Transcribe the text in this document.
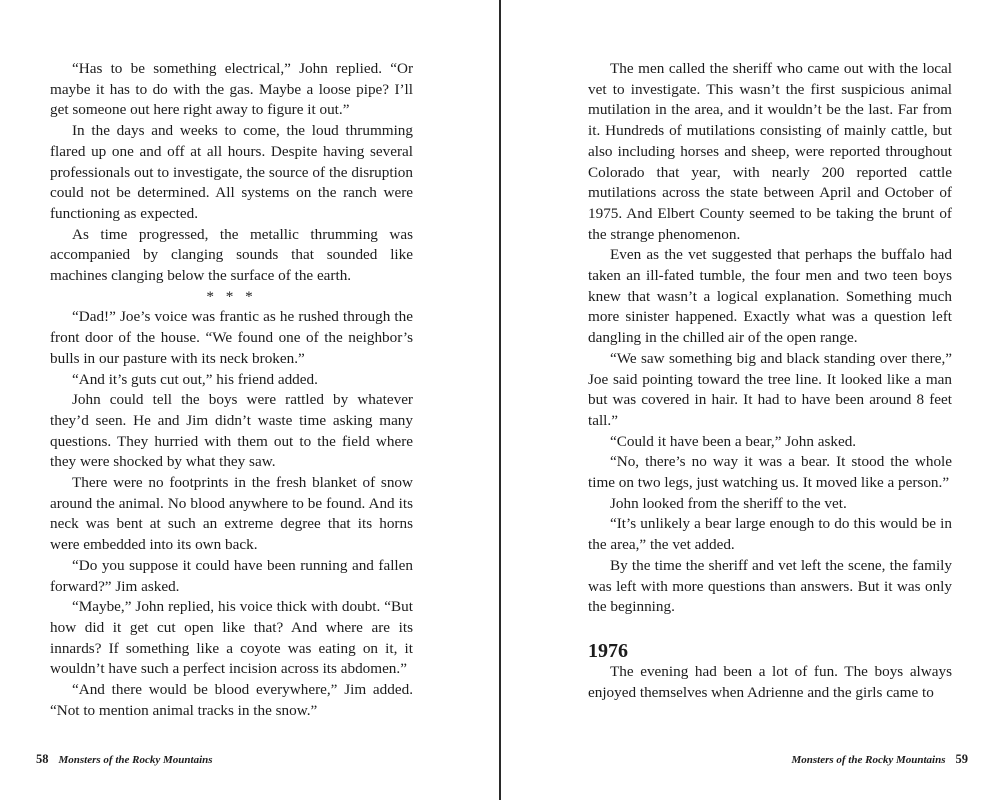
“Has to be something electrical,” John replied. “Or maybe it has to do with the gas. Maybe a loose pipe? I’ll get someone out here right away to figure it out.”

In the days and weeks to come, the loud thrumming flared up one and off at all hours. Despite having several professionals out to investigate, the source of the disruption could not be determined. All systems on the ranch were functioning as expected.

As time progressed, the metallic thrumming was accompanied by clanging sounds that sounded like machines clanging below the surface of the earth.

* * *

“Dad!” Joe’s voice was frantic as he rushed through the front door of the house. “We found one of the neighbor’s bulls in our pasture with its neck broken.”

“And it’s guts cut out,” his friend added.

John could tell the boys were rattled by whatever they’d seen. He and Jim didn’t waste time asking many questions. They hurried with them out to the field where they were shocked by what they saw.

There were no footprints in the fresh blanket of snow around the animal. No blood anywhere to be found. And its neck was bent at such an extreme degree that its horns were embedded into its own back.

“Do you suppose it could have been running and fallen forward?” Jim asked.

“Maybe,” John replied, his voice thick with doubt. “But how did it get cut open like that? And where are its innards? If something like a coyote was eating on it, it wouldn’t have such a perfect incision across its abdomen.”

“And there would be blood everywhere,” Jim added. “Not to mention animal tracks in the snow.”

58 Monsters of the Rocky Mountains

The men called the sheriff who came out with the local vet to investigate. This wasn’t the first suspicious animal mutilation in the area, and it wouldn’t be the last. Far from it. Hundreds of mutilations consisting of mainly cattle, but also including horses and sheep, were reported throughout Colorado that year, with nearly 200 reported cattle mutilations across the state between April and October of 1975. And Elbert County seemed to be taking the brunt of the strange phenomenon.

Even as the vet suggested that perhaps the buffalo had taken an ill-fated tumble, the four men and two teen boys knew that wasn’t a logical explanation. Something much more sinister happened. Exactly what was a question left dangling in the chilled air of the open range.

“We saw something big and black standing over there,” Joe said pointing toward the tree line. It looked like a man but was covered in hair. It had to have been around 8 feet tall.”

“Could it have been a bear,” John asked.

“No, there’s no way it was a bear. It stood the whole time on two legs, just watching us. It moved like a person.”

John looked from the sheriff to the vet.

“It’s unlikely a bear large enough to do this would be in the area,” the vet added.

By the time the sheriff and vet left the scene, the family was left with more questions than answers. But it was only the beginning.

1976

The evening had been a lot of fun. The boys always enjoyed themselves when Adrienne and the girls came to

Monsters of the Rocky Mountains 59
